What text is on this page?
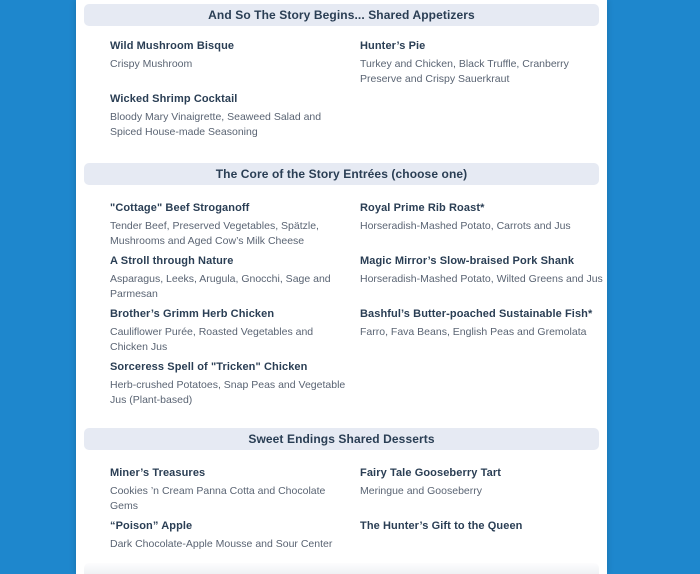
And So The Story Begins... Shared Appetizers
Wild Mushroom Bisque

Crispy Mushroom

Wicked Shrimp Cocktail

Bloody Mary Vinaigrette, Seaweed Salad and Spiced House-made Seasoning

Hunter’s Pie

Turkey and Chicken, Black Truffle, Cranberry Preserve and Crispy Sauerkraut

The Core of the Story Entrées (choose one)
"Cottage" Beef Stroganoff

Tender Beef, Preserved Vegetables, Spätzle, Mushrooms and Aged Cow’s Milk Cheese

A Stroll through Nature

Asparagus, Leeks, Arugula, Gnocchi, Sage and Parmesan

Brother’s Grimm Herb Chicken

Cauliflower Purée, Roasted Vegetables and Chicken Jus

Sorceress Spell of "Tricken" Chicken

Herb-crushed Potatoes, Snap Peas and Vegetable Jus (Plant-based)

Royal Prime Rib Roast*

Horseradish-Mashed Potato, Carrots and Jus

Magic Mirror’s Slow-braised Pork Shank

Horseradish-Mashed Potato, Wilted Greens and Jus

Bashful’s Butter-poached Sustainable Fish*

Farro, Fava Beans, English Peas and Gremolata

Sweet Endings Shared Desserts
Miner’s Treasures

Cookies ’n Cream Panna Cotta and Chocolate Gems

“Poison” Apple

Dark Chocolate-Apple Mousse and Sour Center

Fairy Tale Gooseberry Tart

Meringue and Gooseberry

The Hunter’s Gift to the Queen
